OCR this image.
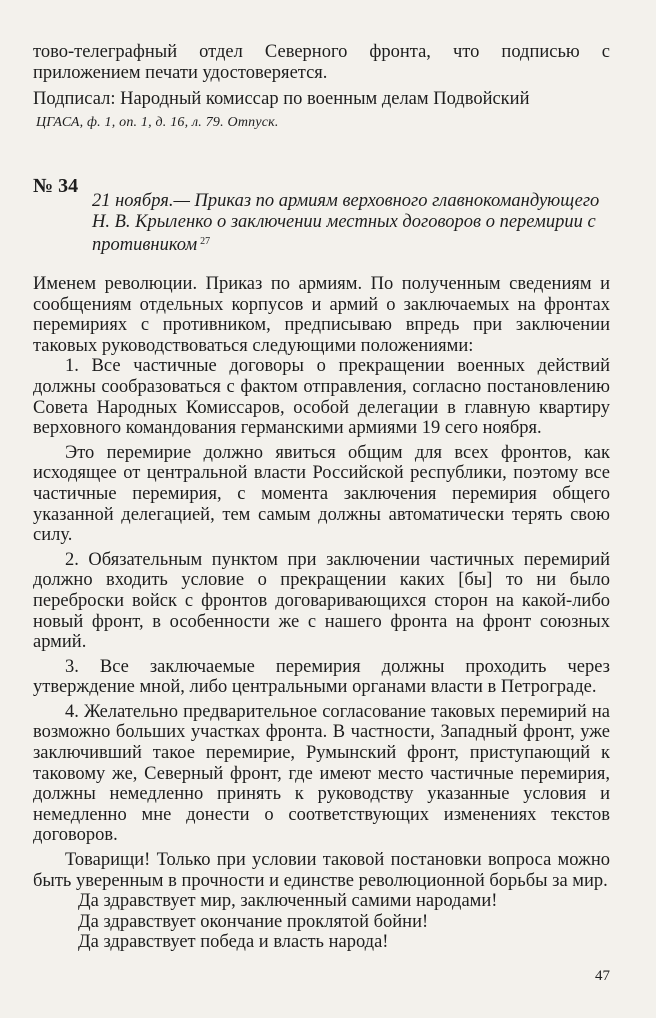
тово-телеграфный отдел Северного фронта, что подписью с приложением печати удостоверяется.

Подписал: Народный комиссар по военным делам Подвойский

ЦГАСА, ф. 1, оп. 1, д. 16, л. 79. Отпуск.

№ 34

21 ноября.— Приказ по армиям верховного главнокомандующего Н. В. Крыленко о заключении местных договоров о перемирии с противником $^{27}$

Именем революции. Приказ по армиям. По полученным сведениям и сообщениям отдельных корпусов и армий о заключаемых на фронтах перемириях с противником, предписываю впредь при заключении таковых руководствоваться следующими положениями:

1. Все частичные договоры о прекращении военных действий должны сообразоваться с фактом отправления, согласно постановлению Совета Народных Комиссаров, особой делегации в главную квартиру верховного командования германскими армиями 19 сего ноября.

Это перемирие должно явиться общим для всех фронтов, как исходящее от центральной власти Российской республики, поэтому все частичные перемирия, с момента заключения перемирия общего указанной делегацией, тем самым должны автоматически терять свою силу.

2. Обязательным пунктом при заключении частичных перемирий должно входить условие о прекращении каких [бы] то ни было переброски войск с фронтов договаривающихся сторон на какой-либо новый фронт, в особенности же с нашего фронта на фронт союзных армий.

3. Все заключаемые перемирия должны проходить через утверждение мной, либо центральными органами власти в Петрограде.

4. Желательно предварительное согласование таковых перемирий на возможно больших участках фронта. В частности, Западный фронт, уже заключивший такое перемирие, Румынский фронт, приступающий к таковому же, Северный фронт, где имеют место частичные перемирия, должны немедленно принять к руководству указанные условия и немедленно мне донести о соответствующих изменениях текстов договоров.

Товарищи! Только при условии таковой постановки вопроса можно быть уверенным в прочности и единстве революционной борьбы за мир.

Да здравствует мир, заключенный самими народами!

Да здравствует окончание проклятой бойни!

Да здравствует победа и власть народа!

47
